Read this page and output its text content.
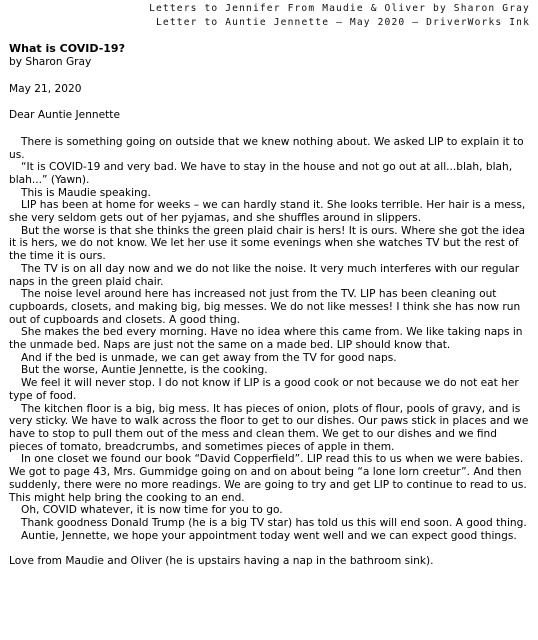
Letters to Jennifer From Maudie & Oliver by Sharon Gray
Letter to Auntie Jennette – May 2020 – DriverWorks Ink
What is COVID-19?
by Sharon Gray
May 21, 2020
Dear Auntie Jennette

There is something going on outside that we knew nothing about. We asked LIP to explain it to us.

“It is COVID-19 and very bad. We have to stay in the house and not go out at all...blah, blah, blah...” (Yawn).

This is Maudie speaking.

LIP has been at home for weeks – we can hardly stand it. She looks terrible. Her hair is a mess, she very seldom gets out of her pyjamas, and she shuffles around in slippers.

But the worse is that she thinks the green plaid chair is hers! It is ours. Where she got the idea it is hers, we do not know. We let her use it some evenings when she watches TV but the rest of the time it is ours.

The TV is on all day now and we do not like the noise. It very much interferes with our regular naps in the green plaid chair.

The noise level around here has increased not just from the TV. LIP has been cleaning out cupboards, closets, and making big, big messes. We do not like messes! I think she has now run out of cupboards and closets. A good thing.

She makes the bed every morning. Have no idea where this came from. We like taking naps in the unmade bed. Naps are just not the same on a made bed. LIP should know that.

And if the bed is unmade, we can get away from the TV for good naps.

But the worse, Auntie Jennette, is the cooking.

We feel it will never stop. I do not know if LIP is a good cook or not because we do not eat her type of food.

The kitchen floor is a big, big mess. It has pieces of onion, plots of flour, pools of gravy, and is very sticky. We have to walk across the floor to get to our dishes. Our paws stick in places and we have to stop to pull them out of the mess and clean them. We get to our dishes and we find pieces of tomato, breadcrumbs, and sometimes pieces of apple in them.

In one closet we found our book “David Copperfield”. LIP read this to us when we were babies. We got to page 43, Mrs. Gummidge going on and on about being “a lone lorn creetur”. And then suddenly, there were no more readings. We are going to try and get LIP to continue to read to us. This might help bring the cooking to an end.

Oh, COVID whatever, it is now time for you to go.

Thank goodness Donald Trump (he is a big TV star) has told us this will end soon. A good thing.

Auntie, Jennette, we hope your appointment today went well and we can expect good things.

Love from Maudie and Oliver (he is upstairs having a nap in the bathroom sink).
